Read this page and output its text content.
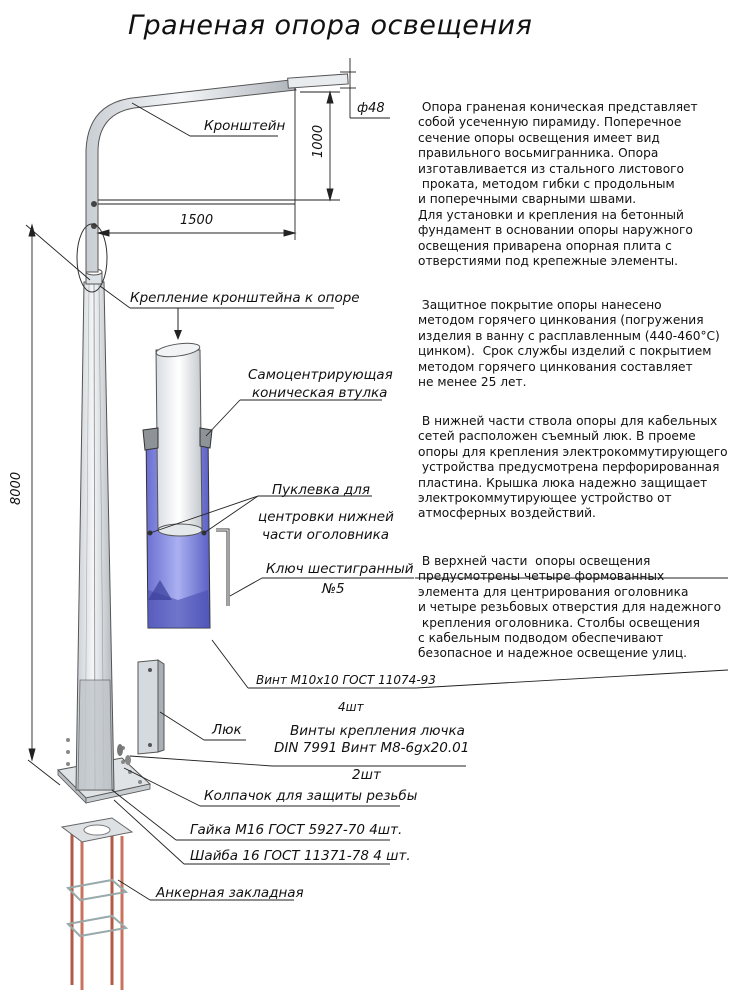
Граненая опора освещения
ф48
1000
1500
8000
Кронштейн
Крепление кронштейна к опоре
Самоцентрирующая
коническая втулка
Пуклевка для
центровки нижней
части оголовника
Ключ шестигранный
№5
Винт М10х10 ГОСТ 11074-93
4шт
Люк	Винты крепления лючка
DIN 7991 Винт М8-6gx20.01
2шт
Колпачок для защиты резьбы
Гайка М16 ГОСТ 5927-70 4шт.
Шайба 16 ГОСТ 11371-78 4 шт.
Анкерная закладная
Опора граненая коническая представляет
собой усеченную пирамиду. Поперечное
сечение опоры освещения имеет вид
правильного восьмигранника. Опора
изготавливается из стального листового
проката, методом гибки с продольным
и поперечными сварными швами.
Для установки и крепления на бетонный
фундамент в основании опоры наружного
освещения приварена опорная плита с
отверстиями под крепежные элементы.
Защитное покрытие опоры нанесено
методом горячего цинкования (погружения
изделия в ванну с расплавленным (440-460°С)
цинком).  Срок службы изделий с покрытием
методом горячего цинкования составляет
не менее 25 лет.
В нижней части ствола опоры для кабельных
сетей расположен съемный люк. В проеме
опоры для крепления электрокоммутирующего
устройства предусмотрена перфорированная
пластина. Крышка люка надежно защищает
электрокоммутирующее устройство от
атмосферных воздействий.
В верхней части  опоры освещения
предусмотрены четыре формованных
элемента для центрирования оголовника
и четыре резьбовых отверстия для надежного
крепления оголовника. Столбы освещения
с кабельным подводом обеспечивают
безопасное и надежное освещение улиц.
